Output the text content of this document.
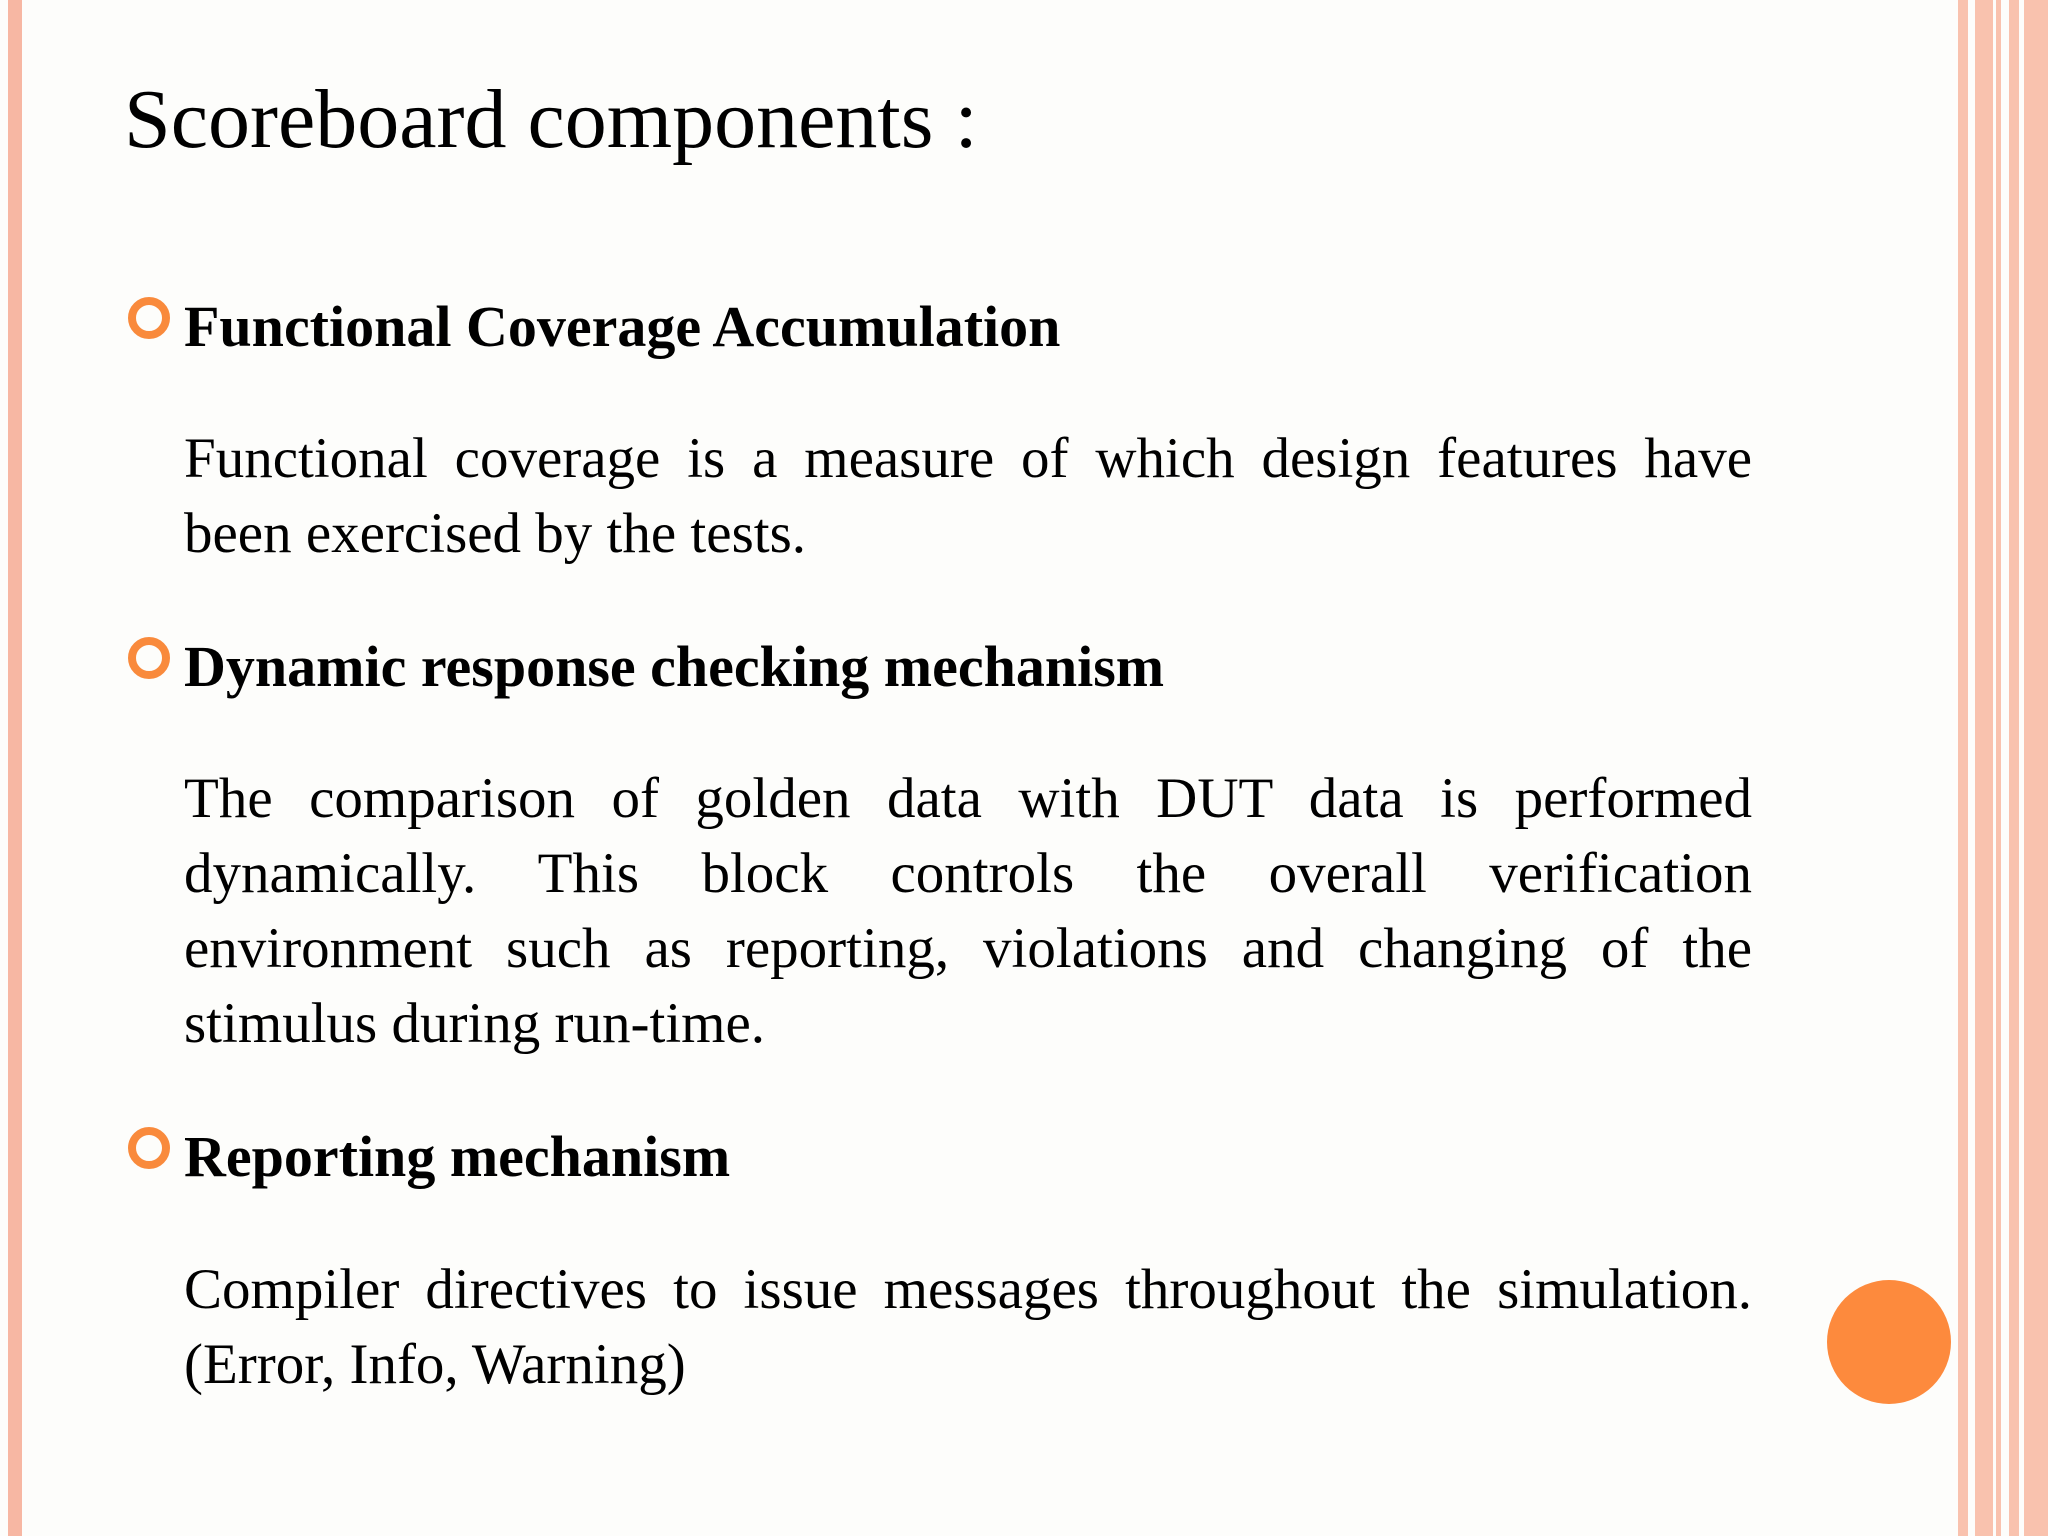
Scoreboard components :
Functional Coverage Accumulation

Functional coverage is a measure of which design features have been exercised by the tests.

Dynamic response checking mechanism

The comparison of golden data with DUT data is performed dynamically. This block controls the overall verification environment such as reporting, violations and changing of the stimulus during run-time.

Reporting mechanism

Compiler directives to issue messages throughout the simulation. (Error, Info, Warning)
